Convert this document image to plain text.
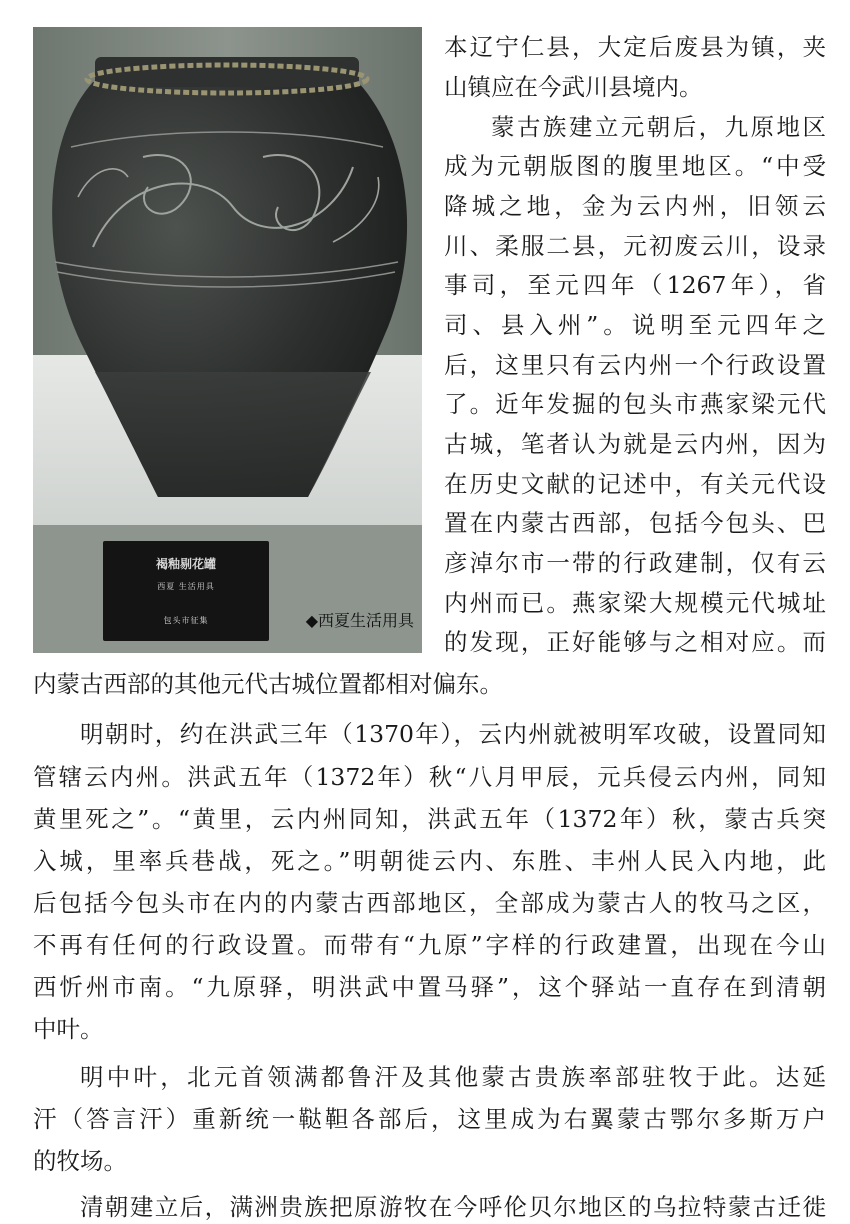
褐釉剔花罐
西夏 生活用具
包头市征集	◆西夏生活用具
本辽宁仁县，大定后废县为镇，夹
山镇应在今武川县境内。
蒙古族建立元朝后，九原地区
成为元朝版图的腹里地区。“中受
降城之地，金为云内州，旧领云
川、柔服二县，元初废云川，设录
事司，至元四年（1267年），省
司、县入州”。说明至元四年之
后，这里只有云内州一个行政设置
了。近年发掘的包头市燕家梁元代
古城，笔者认为就是云内州，因为
在历史文献的记述中，有关元代设
置在内蒙古西部，包括今包头、巴
彦淖尔市一带的行政建制，仅有云
内州而已。燕家梁大规模元代城址
的发现，正好能够与之相对应。而
内蒙古西部的其他元代古城位置都相对偏东。
明朝时，约在洪武三年（1370年），云内州就被明军攻破，设置同知
管辖云内州。洪武五年（1372年）秋“八月甲辰，元兵侵云内州，同知
黄里死之”。“黄里，云内州同知，洪武五年（1372年）秋，蒙古兵突
入城，里率兵巷战，死之。”明朝徙云内、东胜、丰州人民入内地，此
后包括今包头市在内的内蒙古西部地区，全部成为蒙古人的牧马之区，
不再有任何的行政设置。而带有“九原”字样的行政建置，出现在今山
西忻州市南。“九原驿，明洪武中置马驿”，这个驿站一直存在到清朝
中叶。
明中叶，北元首领满都鲁汗及其他蒙古贵族率部驻牧于此。达延
汗（答言汗）重新统一鞑靼各部后，这里成为右翼蒙古鄂尔多斯万户
的牧场。
清朝建立后，满洲贵族把原游牧在今呼伦贝尔地区的乌拉特蒙古迁徙
